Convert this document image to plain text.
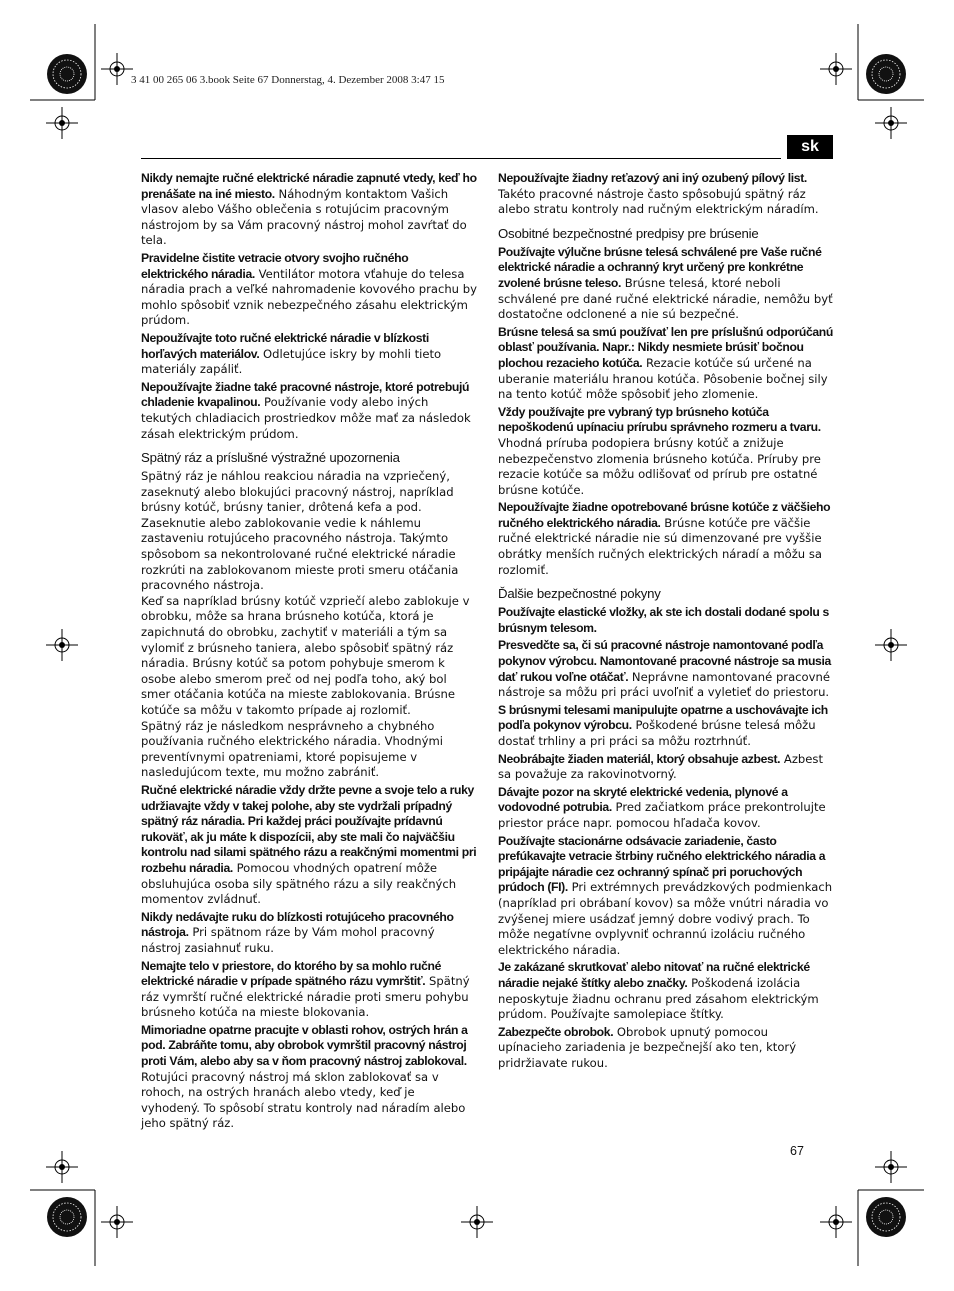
3 41 00 265 06 3.book Seite 67 Donnerstag, 4. Dezember 2008 3:47 15
sk

Nikdy nemajte ručné elektrické náradie zapnuté vtedy, keď ho prenášate na iné miesto. Náhodným kontaktom Vašich vlasov alebo Vášho oblečenia s rotujúcim pracovným nástrojom by sa Vám pracovný nástroj mohol zavŕtať do tela.

Pravidelne čistite vetracie otvory svojho ručného elektrického náradia. Ventilátor motora vťahuje do telesa náradia prach a veľké nahromadenie kovového prachu by mohlo spôsobiť vznik nebezpečného zásahu elektrickým prúdom.

Nepoužívajte toto ručné elektrické náradie v blízkosti horľavých materiálov. Odletujúce iskry by mohli tieto materiály zapáliť.

Nepoužívajte žiadne také pracovné nástroje, ktoré potrebujú chladenie kvapalinou. Používanie vody alebo iných tekutých chladiacich prostriedkov môže mať za následok zásah elektrickým prúdom.

Spätný ráz a príslušné výstražné upozornenia

Spätný ráz je náhlou reakciou náradia na vzpriečený, zaseknutý alebo blokujúci pracovný nástroj, napríklad brúsny kotúč, brúsny tanier, drôtená kefa a pod. Zaseknutie alebo zablokovanie vedie k náhlemu zastaveniu rotujúceho pracovného nástroja. Takýmto spôsobom sa nekontrolované ručné elektrické náradie rozkrúti na zablokovanom mieste proti smeru otáčania pracovného nástroja.

Keď sa napríklad brúsny kotúč vzpriečí alebo zablokuje v obrobku, môže sa hrana brúsneho kotúča, ktorá je zapichnutá do obrobku, zachytiť v materiáli a tým sa vylomiť z brúsneho taniera, alebo spôsobiť spätný ráz náradia. Brúsny kotúč sa potom pohybuje smerom k osobe alebo smerom preč od nej podľa toho, aký bol smer otáčania kotúča na mieste zablokovania. Brúsne kotúče sa môžu v takomto prípade aj rozlomiť.

Spätný ráz je následkom nesprávneho a chybného používania ručného elektrického náradia. Vhodnými preventívnymi opatreniami, ktoré popisujeme v nasledujúcom texte, mu možno zabrániť.

Ručné elektrické náradie vždy držte pevne a svoje telo a ruky udržiavajte vždy v takej polohe, aby ste vydržali prípadný spätný ráz náradia. Pri každej práci používajte prídavnú rukoväť, ak ju máte k dispozícii, aby ste mali čo najväčšiu kontrolu nad silami spätného rázu a reakčnými momentmi pri rozbehu náradia. Pomocou vhodných opatrení môže obsluhujúca osoba sily spätného rázu a sily reakčných momentov zvládnuť.

Nikdy nedávajte ruku do blízkosti rotujúceho pracovného nástroja. Pri spätnom ráze by Vám mohol pracovný nástroj zasiahnuť ruku.

Nemajte telo v priestore, do ktorého by sa mohlo ručné elektrické náradie v prípade spätného rázu vymrštiť. Spätný ráz vymrští ručné elektrické náradie proti smeru pohybu brúsneho kotúča na mieste blokovania.

Mimoriadne opatrne pracujte v oblasti rohov, ostrých hrán a pod. Zabráňte tomu, aby obrobok vymrštil pracovný nástroj proti Vám, alebo aby sa v ňom pracovný nástroj zablokoval. Rotujúci pracovný nástroj má sklon zablokovať sa v rohoch, na ostrých hranách alebo vtedy, keď je vyhodený. To spôsobí stratu kontroly nad náradím alebo jeho spätný ráz.

Nepoužívajte žiadny reťazový ani iný ozubený pílový list. Takéto pracovné nástroje často spôsobujú spätný ráz alebo stratu kontroly nad ručným elektrickým náradím.

Osobitné bezpečnostné predpisy pre brúsenie

Používajte výlučne brúsne telesá schválené pre Vaše ručné elektrické náradie a ochranný kryt určený pre konkrétne zvolené brúsne teleso. Brúsne telesá, ktoré neboli schválené pre dané ručné elektrické náradie, nemôžu byť dostatočne odclonené a nie sú bezpečné.

Brúsne telesá sa smú používať len pre príslušnú odporúčanú oblasť používania. Napr.: Nikdy nesmiete brúsiť bočnou plochou rezacieho kotúča. Rezacie kotúče sú určené na uberanie materiálu hranou kotúča. Pôsobenie bočnej sily na tento kotúč môže spôsobiť jeho zlomenie.

Vždy používajte pre vybraný typ brúsneho kotúča nepoškodenú upínaciu prírubu správneho rozmeru a tvaru. Vhodná príruba podopiera brúsny kotúč a znižuje nebezpečenstvo zlomenia brúsneho kotúča. Príruby pre rezacie kotúče sa môžu odlišovať od prírub pre ostatné brúsne kotúče.

Nepoužívajte žiadne opotrebované brúsne kotúče z väčšieho ručného elektrického náradia. Brúsne kotúče pre väčšie ručné elektrické náradie nie sú dimenzované pre vyššie obrátky menších ručných elektrických náradí a môžu sa rozlomiť.

Ďalšie bezpečnostné pokyny

Používajte elastické vložky, ak ste ich dostali dodané spolu s brúsnym telesom.

Presvedčte sa, či sú pracovné nástroje namontované podľa pokynov výrobcu. Namontované pracovné nástroje sa musia dať rukou voľne otáčať. Neprávne namontované pracovné nástroje sa môžu pri práci uvoľniť a vyletieť do priestoru.

S brúsnymi telesami manipulujte opatrne a uschovávajte ich podľa pokynov výrobcu. Poškodené brúsne telesá môžu dostať trhliny a pri práci sa môžu roztrhnúť.

Neobrábajte žiaden materiál, ktorý obsahuje azbest. Azbest sa považuje za rakovinotvorný.

Dávajte pozor na skryté elektrické vedenia, plynové a vodovodné potrubia. Pred začiatkom práce prekontrolujte priestor práce napr. pomocou hľadača kovov.

Používajte stacionárne odsávacie zariadenie, často prefúkavajte vetracie štrbiny ručného elektrického náradia a pripájajte náradie cez ochranný spínač pri poruchových prúdoch (FI). Pri extrémnych prevádzkových podmienkach (napríklad pri obrábaní kovov) sa môže vnútri náradia vo zvýšenej miere usádzať jemný dobre vodivý prach. To môže negatívne ovplyvniť ochrannú izoláciu ručného elektrického náradia.

Je zakázané skrutkovať alebo nitovať na ručné elektrické náradie nejaké štítky alebo značky. Poškodená izolácia neposkytuje žiadnu ochranu pred zásahom elektrickým prúdom. Používajte samolepiace štítky.

Zabezpečte obrobok. Obrobok upnutý pomocou upínacieho zariadenia je bezpečnejší ako ten, ktorý pridržiavate rukou.

67
